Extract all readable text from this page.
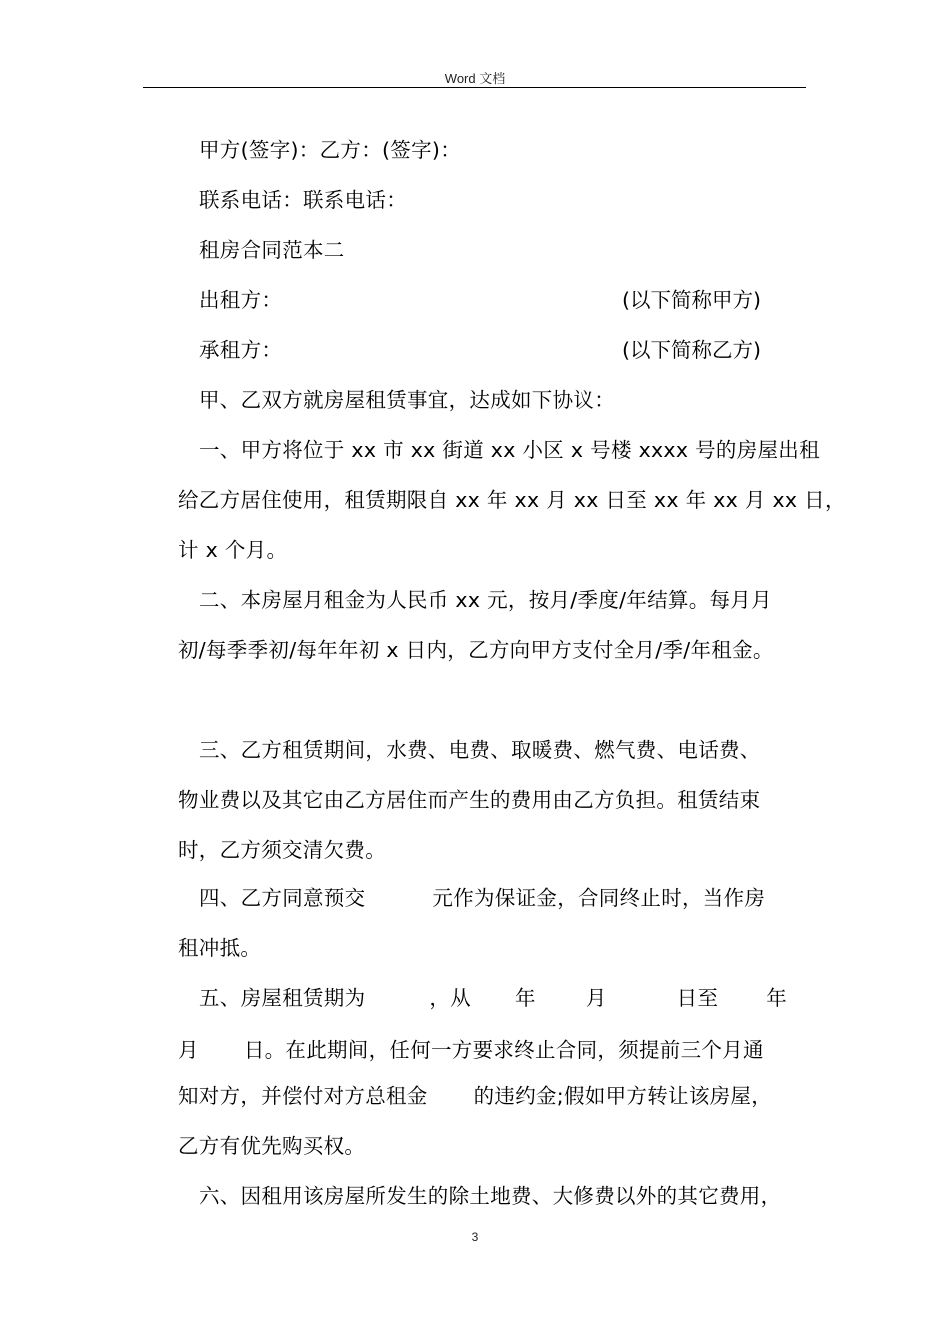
Word 文档
甲方(签字)：乙方：(签字)：
联系电话：联系电话：
租房合同范本二
出租方：	(以下简称甲方)
承租方：	(以下简称乙方)
甲、乙双方就房屋租赁事宜，达成如下协议：
一、甲方将位于 xx 市 xx 街道 xx 小区 x 号楼 xxxx 号的房屋出租
给乙方居住使用，租赁期限自 xx 年 xx 月 xx 日至 xx 年 xx 月 xx 日，
计 x 个月。
二、本房屋月租金为人民币 xx 元，按月/季度/年结算。每月月
初/每季季初/每年年初 x 日内，乙方向甲方支付全月/季/年租金。
三、乙方租赁期间，水费、电费、取暖费、燃气费、电话费、
物业费以及其它由乙方居住而产生的费用由乙方负担。租赁结束
时，乙方须交清欠费。
四、乙方同意预交	元作为保证金，合同终止时，当作房
租冲抵。
五、房屋租赁期为	，从 年 月	日至 年
月 日。在此期间，任何一方要求终止合同，须提前三个月通
知对方，并偿付对方总租金 的违约金;假如甲方转让该房屋，
乙方有优先购买权。
六、因租用该房屋所发生的除土地费、大修费以外的其它费用，
3
